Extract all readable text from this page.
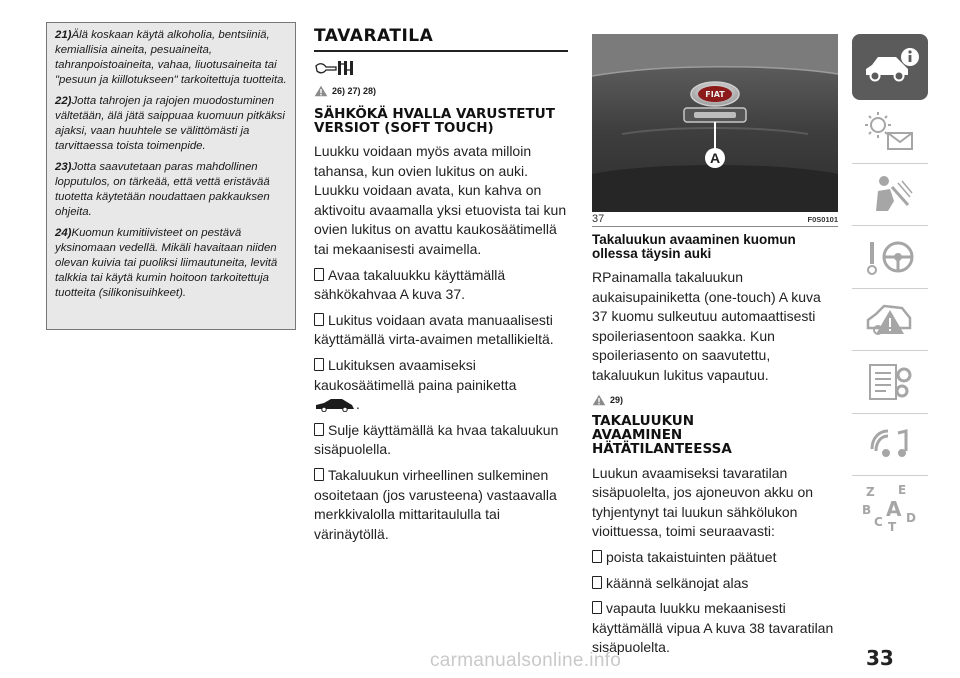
21)Älä koskaan käytä alkoholia, bentsiiniä, kemiallisia aineita, pesuaineita, tahranpoistoaineita, vahaa, liuotusaineita tai "pesuun ja kiillotukseen" tarkoitettuja tuotteita.

22)Jotta tahrojen ja rajojen muodostuminen vältetään, älä jätä saippuaa kuomuun pitkäksi ajaksi, vaan huuhtele se välittömästi ja tarvittaessa toista toimenpide.

23)Jotta saavutetaan paras mahdollinen lopputulos, on tärkeää, että vettä eristävää tuotetta käytetään noudattaen pakkauksen ohjeita.

24)Kuomun kumitiivisteet on pestävä yksinomaan vedellä. Mikäli havaitaan niiden olevan kuivia tai puoliksi liimautuneita, levitä talkkia tai käytä kumin hoitoon tarkoitettuja tuotteita (silikonisuihkeet).

TAVARATILA
26) 27) 28)
SÄHKÖKÄ HVALLA VARUSTETUT VERSIOT (SOFT TOUCH)

Luukku voidaan myös avata milloin tahansa, kun ovien lukitus on auki. Luukku voidaan avata, kun kahva on aktivoitu avaamalla yksi etuovista tai kun ovien lukitus on avattu kaukosäätimellä tai mekaanisesti avaimella.

Avaa takaluukku käyttämällä sähkökahvaa A kuva 37.

Lukitus voidaan avata manuaalisesti käyttämällä virta-avaimen metallikieltä.

Lukituksen avaamiseksi kaukosäätimellä paina painiketta
.

Sulje käyttämällä ka hvaa takaluukun sisäpuolella.

Takaluukun virheellinen sulkeminen osoitetaan (jos varusteena) vastaavalla merkkivalolla mittaritaululla tai värinäytöllä.

FIAT
A
37	F0S0101
Takaluukun avaaminen kuomun ollessa täysin auki

RPainamalla takaluukun aukaisupainiketta (one-touch) A kuva 37 kuomu sulkeutuu automaattisesti spoileriasentoon saakka. Kun spoileriasento on saavutettu, takaluukun lukitus vapautuu.

29)
TAKALUUKUN AVAAMINEN HÄTÄTILANTEESSA

Luukun avaamiseksi tavaratilan sisäpuolelta, jos ajoneuvon akku on tyhjentynyt tai luukun sähkölukon vioittuessa, toimi seuraavasti:

poista takaistuinten päätuet

käännä selkänojat alas

vapauta luukku mekaanisesti käyttämällä vipua A kuva 38 tavaratilan sisäpuolelta.

Z E
B A
C D
T
carmanualsonline.info	33
